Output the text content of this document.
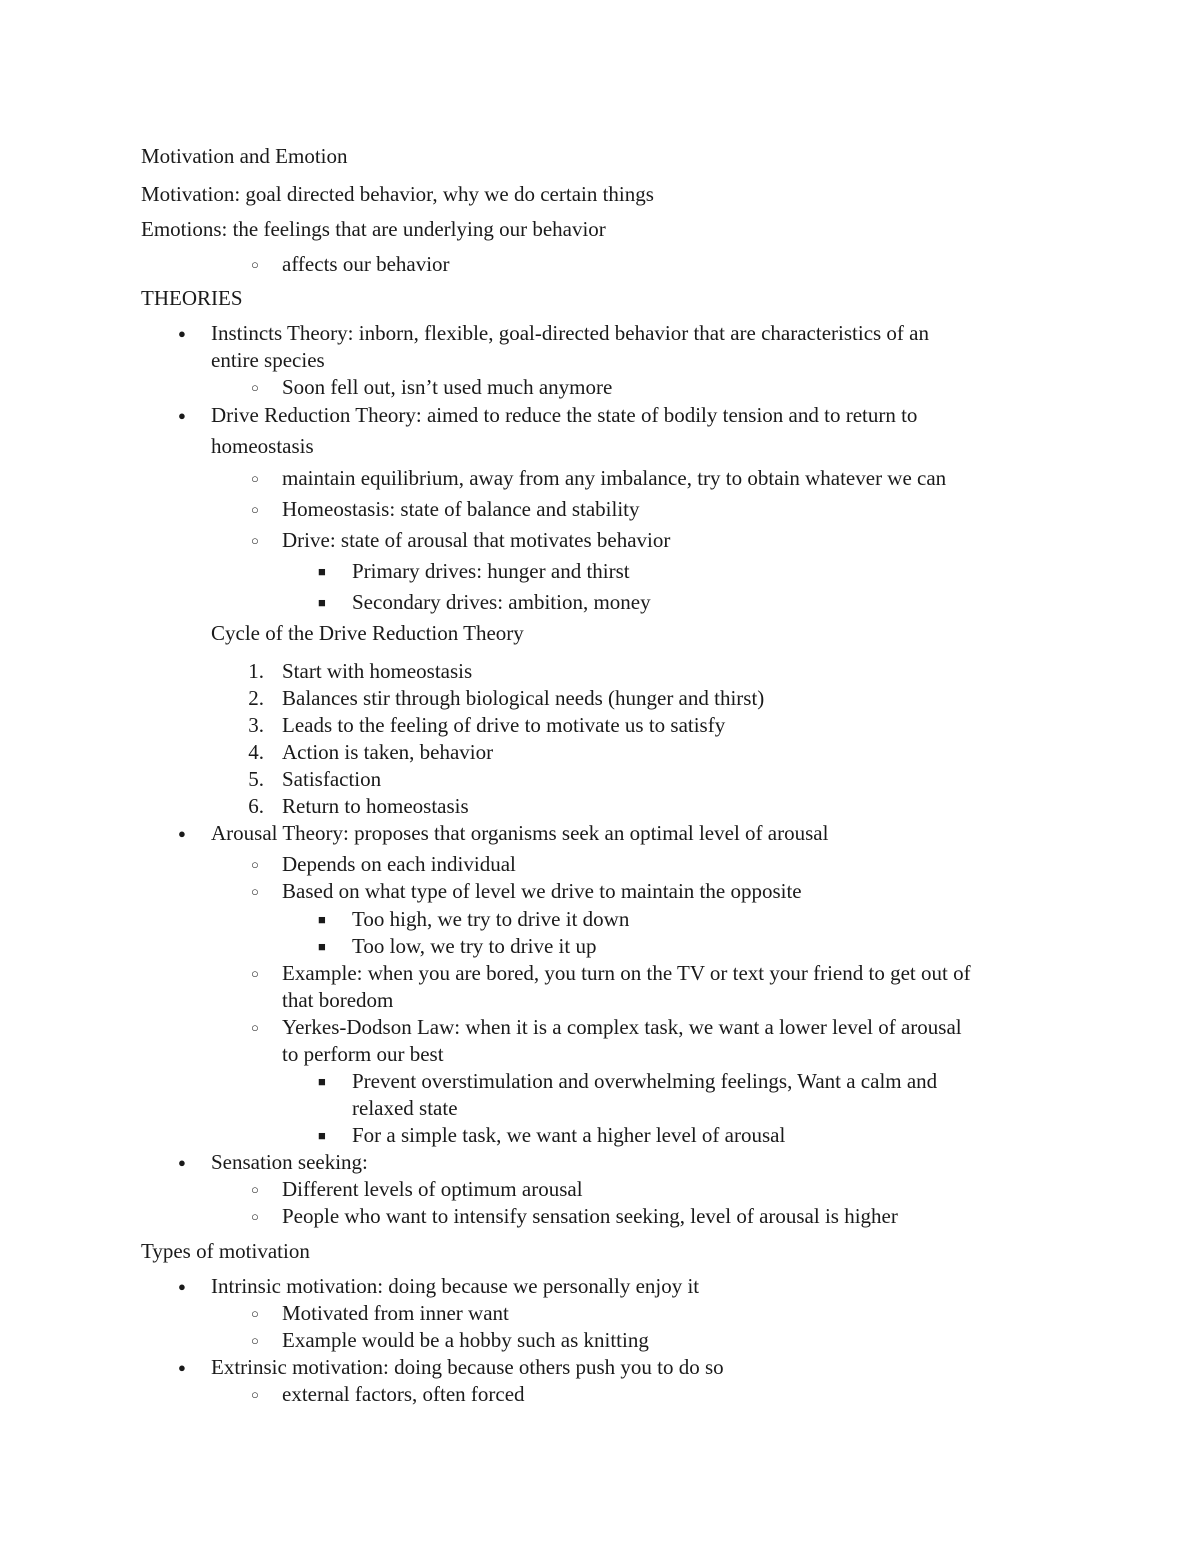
Motivation and Emotion
Motivation: goal directed behavior, why we do certain things
Emotions: the feelings that are underlying our behavior
○ affects our behavior
THEORIES
● Instincts Theory: inborn, flexible, goal-directed behavior that are characteristics of an
entire species
○ Soon fell out, isn’t used much anymore
● Drive Reduction Theory: aimed to reduce the state of bodily tension and to return to
homeostasis
○ maintain equilibrium, away from any imbalance, try to obtain whatever we can
○ Homeostasis: state of balance and stability
○ Drive: state of arousal that motivates behavior
■ Primary drives: hunger and thirst
■ Secondary drives: ambition, money
Cycle of the Drive Reduction Theory
1. Start with homeostasis
2. Balances stir through biological needs (hunger and thirst)
3. Leads to the feeling of drive to motivate us to satisfy
4. Action is taken, behavior
5. Satisfaction
6. Return to homeostasis
● Arousal Theory: proposes that organisms seek an optimal level of arousal
○ Depends on each individual
○ Based on what type of level we drive to maintain the opposite
■ Too high, we try to drive it down
■ Too low, we try to drive it up
○ Example: when you are bored, you turn on the TV or text your friend to get out of
that boredom
○ Yerkes-Dodson Law: when it is a complex task, we want a lower level of arousal
to perform our best
■ Prevent overstimulation and overwhelming feelings, Want a calm and
relaxed state
■ For a simple task, we want a higher level of arousal
● Sensation seeking:
○ Different levels of optimum arousal
○ People who want to intensify sensation seeking, level of arousal is higher
Types of motivation
● Intrinsic motivation: doing because we personally enjoy it
○ Motivated from inner want
○ Example would be a hobby such as knitting
● Extrinsic motivation: doing because others push you to do so
○ external factors, often forced
